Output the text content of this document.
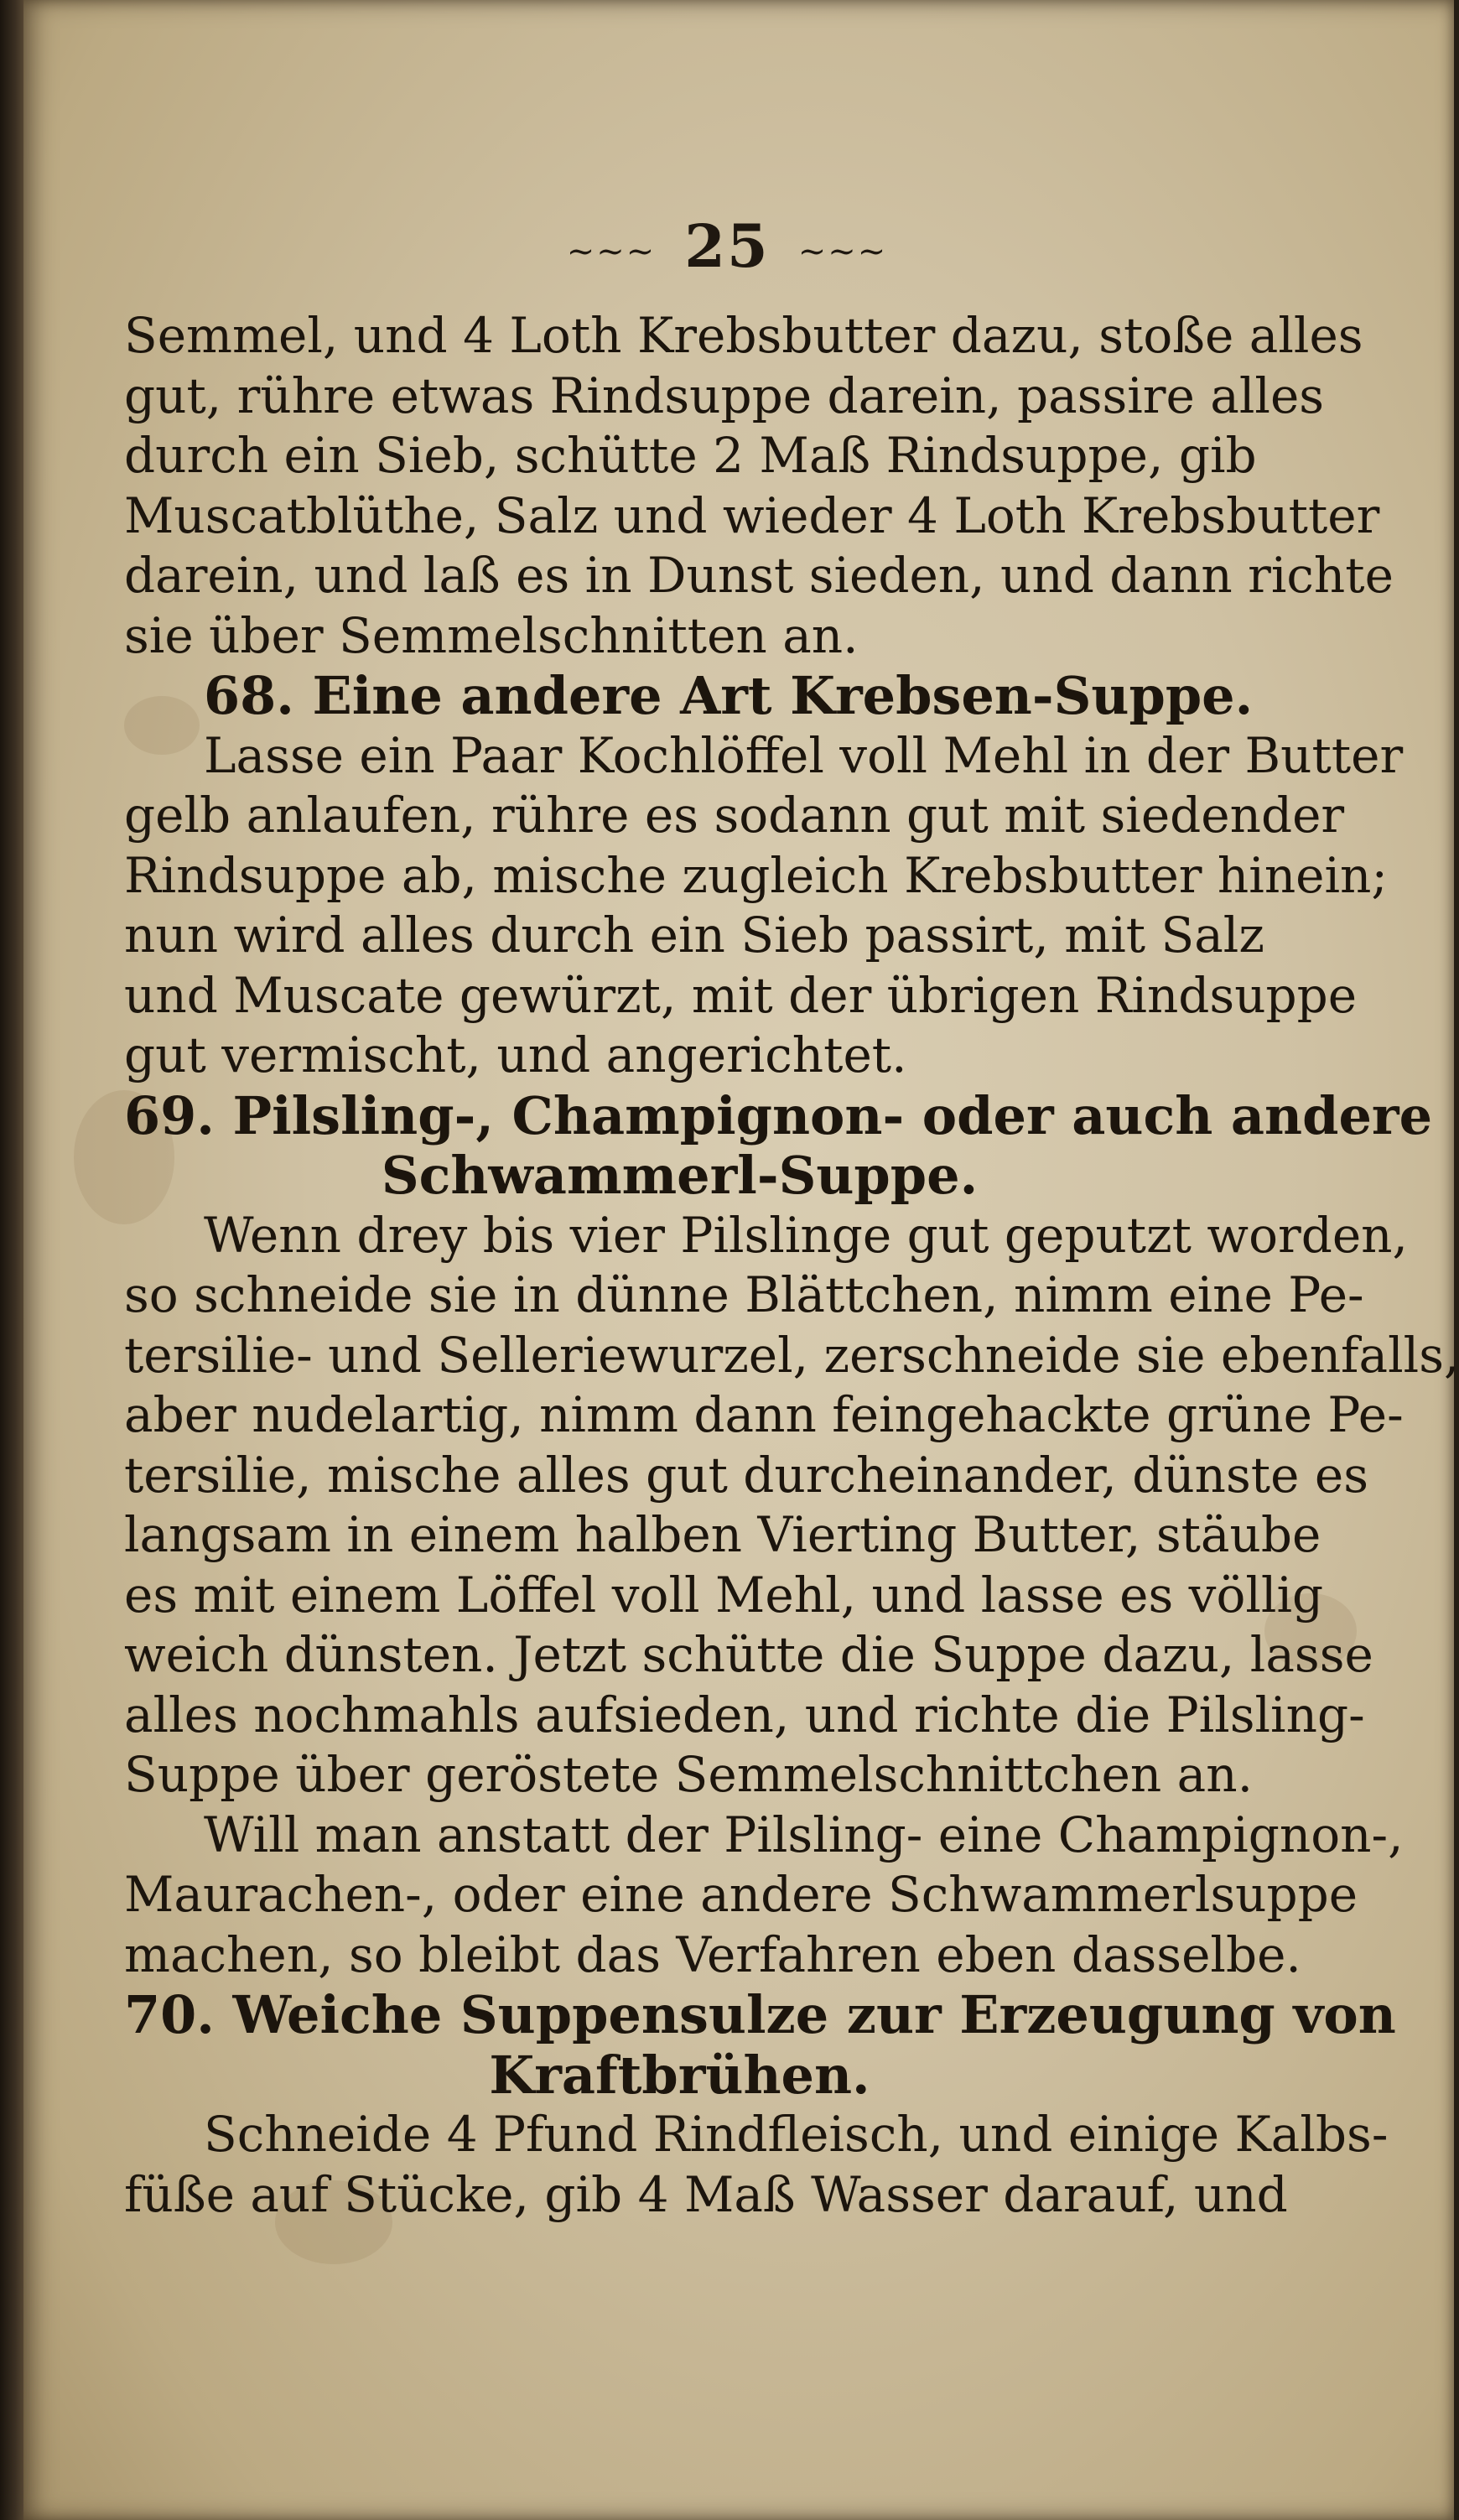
~~~ 25 ~~~
Semmel, und 4 Loth Krebsbutter dazu, stoße alles
gut, rühre etwas Rindsuppe darein, passire alles
durch ein Sieb, schütte 2 Maß Rindsuppe, gib
Muscatblüthe, Salz und wieder 4 Loth Krebsbutter
darein, und laß es in Dunst sieden, und dann richte
sie über Semmelschnitten an.
68. Eine andere Art Krebsen-Suppe.
Lasse ein Paar Kochlöffel voll Mehl in der Butter
gelb anlaufen, rühre es sodann gut mit siedender
Rindsuppe ab, mische zugleich Krebsbutter hinein;
nun wird alles durch ein Sieb passirt, mit Salz
und Muscate gewürzt, mit der übrigen Rindsuppe
gut vermischt, und angerichtet.
69. Pilsling-, Champignon- oder auch andere
Schwammerl-Suppe.
Wenn drey bis vier Pilslinge gut geputzt worden,
so schneide sie in dünne Blättchen, nimm eine Pe-
tersilie- und Selleriewurzel, zerschneide sie ebenfalls,
aber nudelartig, nimm dann feingehackte grüne Pe-
tersilie, mische alles gut durcheinander, dünste es
langsam in einem halben Vierting Butter, stäube
es mit einem Löffel voll Mehl, und lasse es völlig
weich dünsten. Jetzt schütte die Suppe dazu, lasse
alles nochmahls aufsieden, und richte die Pilsling-
Suppe über geröstete Semmelschnittchen an.
Will man anstatt der Pilsling- eine Champignon-,
Maurachen-, oder eine andere Schwammerlsuppe
machen, so bleibt das Verfahren eben dasselbe.
70. Weiche Suppensulze zur Erzeugung von
Kraftbrühen.
Schneide 4 Pfund Rindfleisch, und einige Kalbs-
füße auf Stücke, gib 4 Maß Wasser darauf, und
